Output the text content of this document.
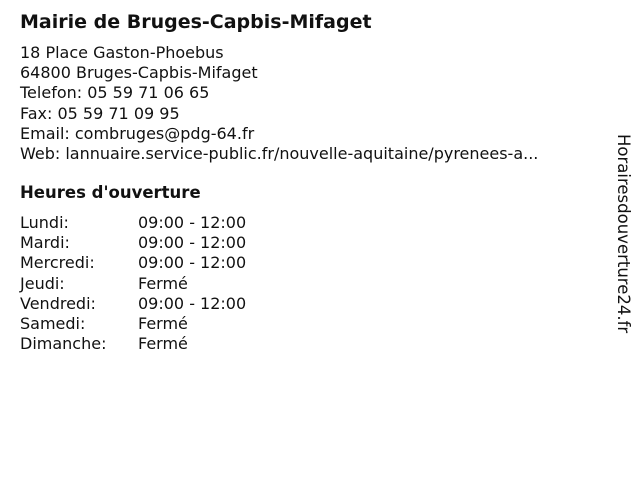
Mairie de Bruges-Capbis-Mifaget
18 Place Gaston-Phoebus
64800 Bruges-Capbis-Mifaget
Telefon: 05 59 71 06 65
Fax: 05 59 71 09 95
Email: combruges@pdg-64.fr
Web: lannuaire.service-public.fr/nouvelle-aquitaine/pyrenees-a...
Heures d'ouverture
Lundi:	09:00 - 12:00
Mardi:	09:00 - 12:00
Mercredi:	09:00 - 12:00
Jeudi:	Fermé
Vendredi:	09:00 - 12:00
Samedi:	Fermé
Dimanche: Fermé
Horairesdouverture24.fr
